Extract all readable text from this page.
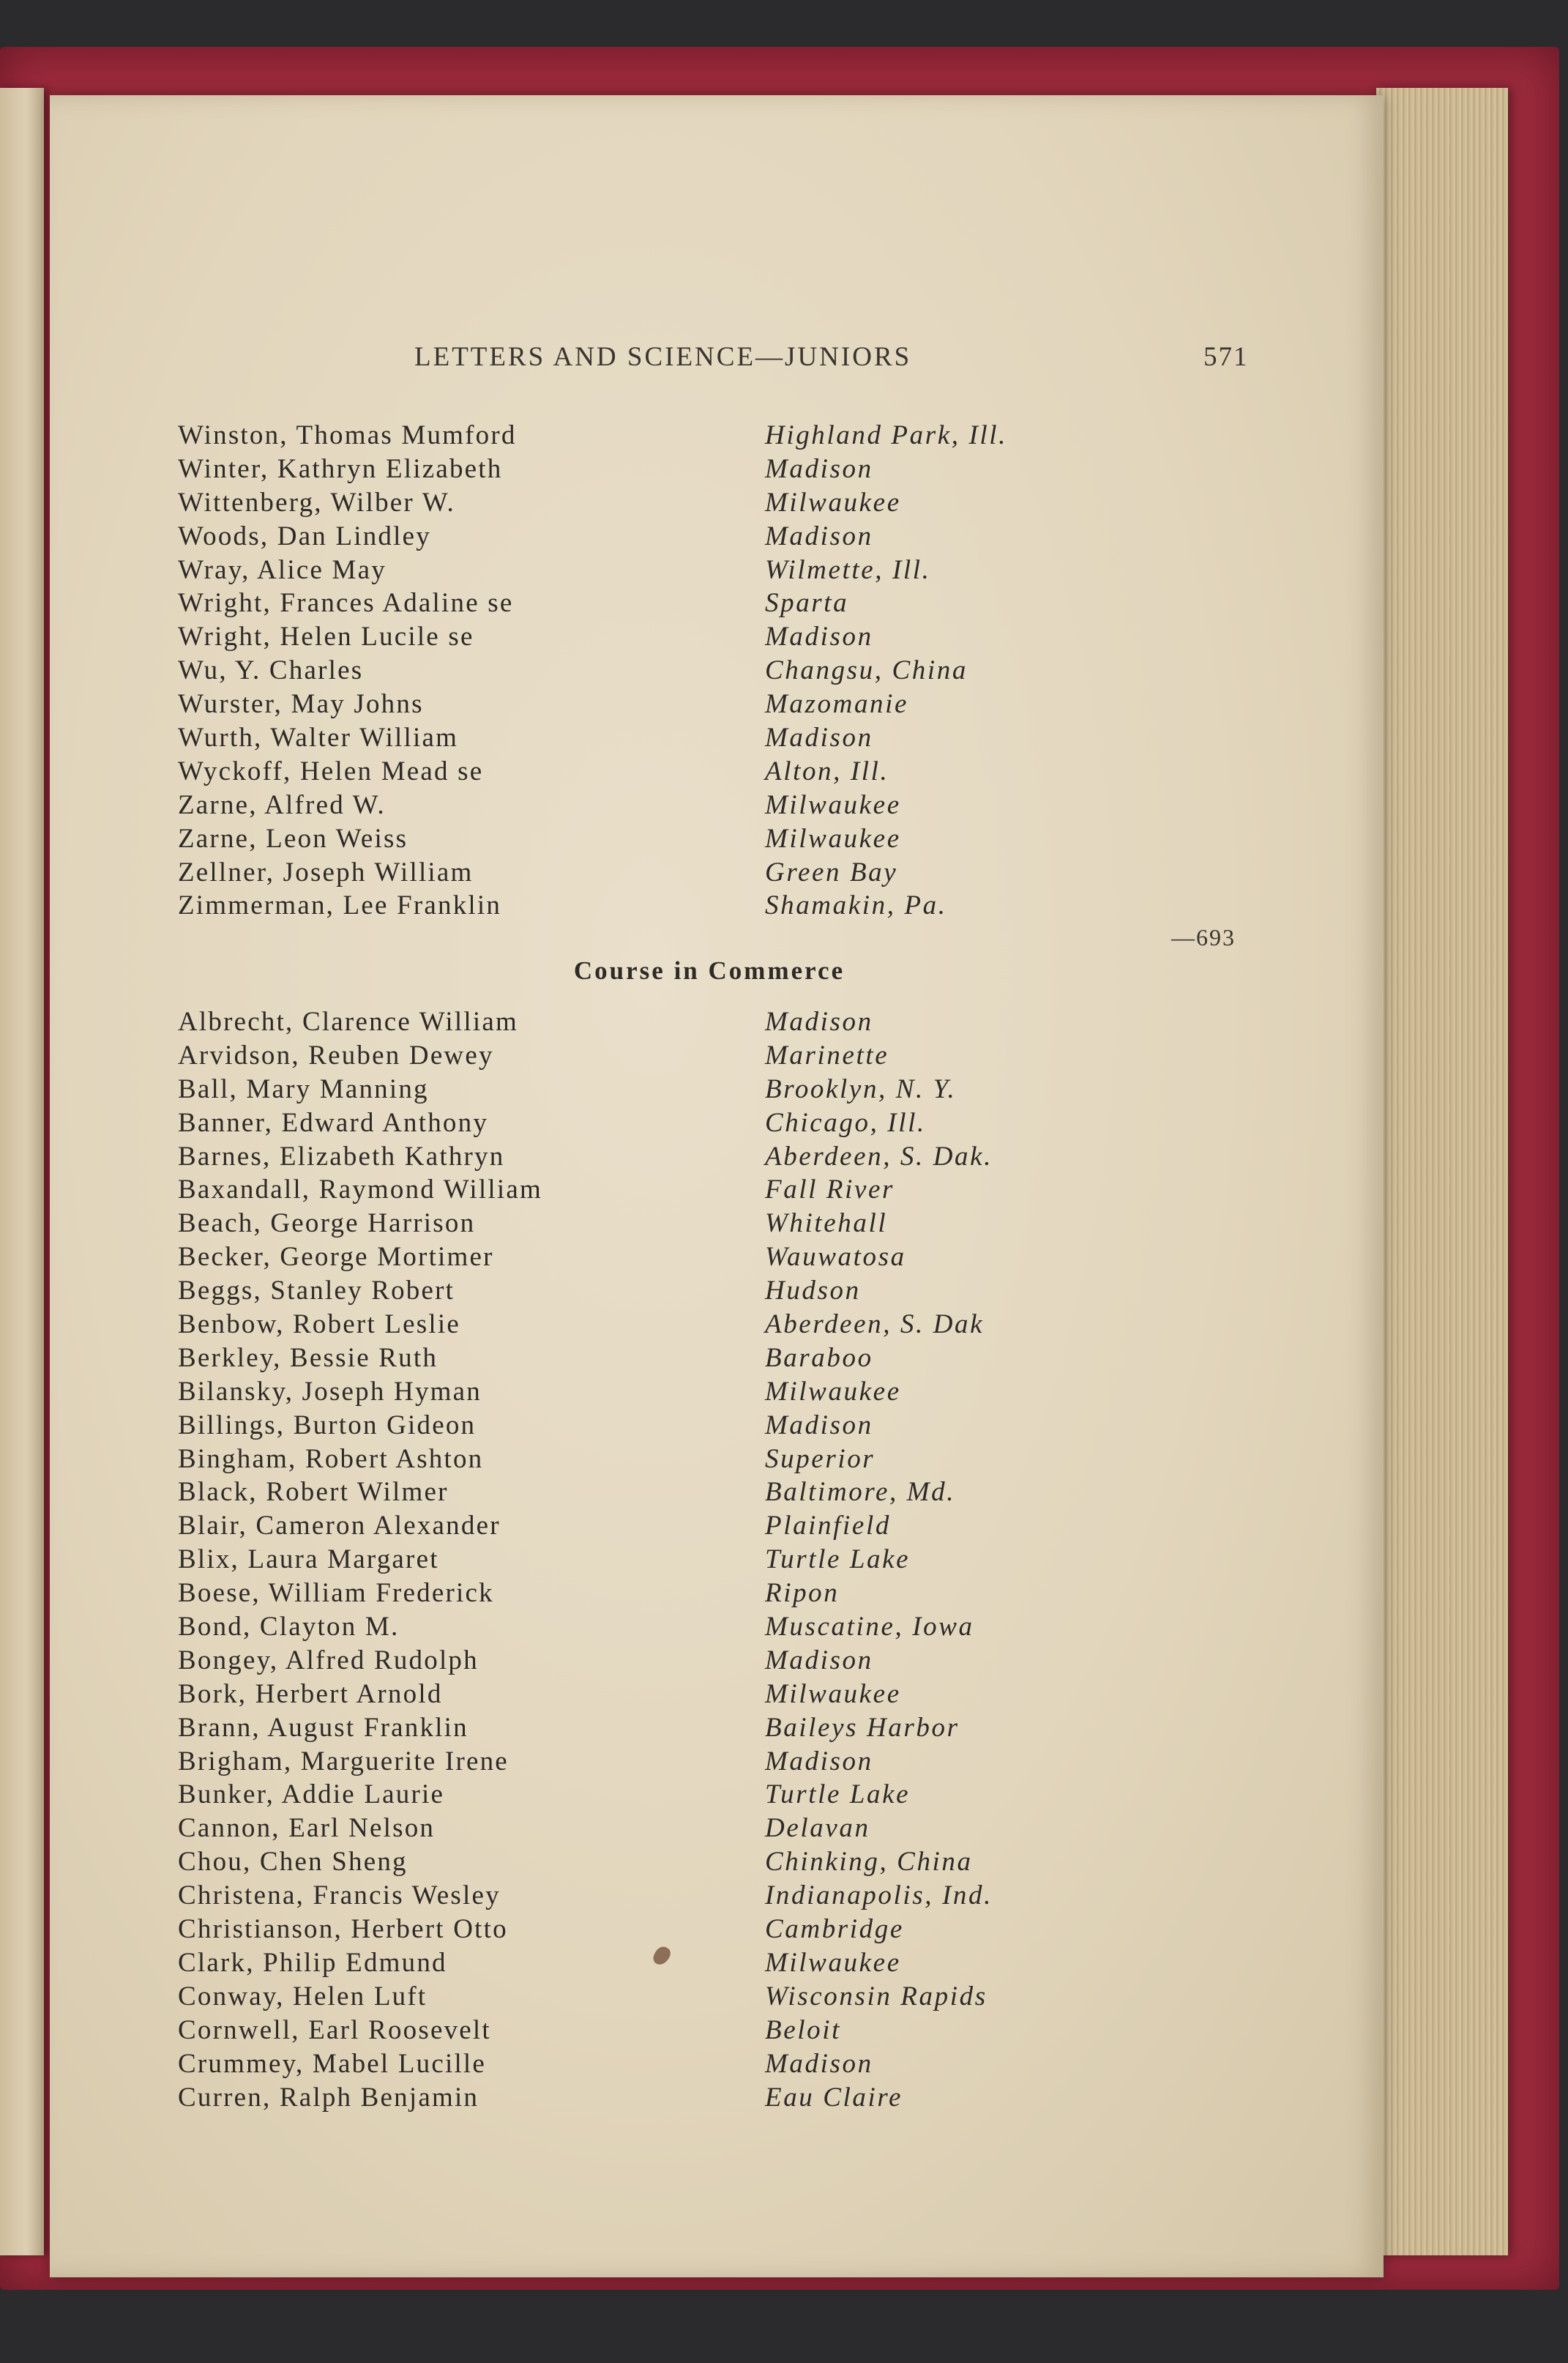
LETTERS AND SCIENCE—JUNIORS	571
Winston, Thomas Mumford	Highland Park, Ill.
Winter, Kathryn Elizabeth	Madison
Wittenberg, Wilber W.	Milwaukee
Woods, Dan Lindley	Madison
Wray, Alice May	Wilmette, Ill.
Wright, Frances Adaline se	Sparta
Wright, Helen Lucile se	Madison
Wu, Y. Charles	Changsu, China
Wurster, May Johns	Mazomanie
Wurth, Walter William	Madison
Wyckoff, Helen Mead se	Alton, Ill.
Zarne, Alfred W.	Milwaukee
Zarne, Leon Weiss	Milwaukee
Zellner, Joseph William	Green Bay
Zimmerman, Lee Franklin	Shamakin, Pa.
—693
Course in Commerce
Albrecht, Clarence William	Madison
Arvidson, Reuben Dewey	Marinette
Ball, Mary Manning	Brooklyn, N. Y.
Banner, Edward Anthony	Chicago, Ill.
Barnes, Elizabeth Kathryn	Aberdeen, S. Dak.
Baxandall, Raymond William	Fall River
Beach, George Harrison	Whitehall
Becker, George Mortimer	Wauwatosa
Beggs, Stanley Robert	Hudson
Benbow, Robert Leslie	Aberdeen, S. Dak
Berkley, Bessie Ruth	Baraboo
Bilansky, Joseph Hyman	Milwaukee
Billings, Burton Gideon	Madison
Bingham, Robert Ashton	Superior
Black, Robert Wilmer	Baltimore, Md.
Blair, Cameron Alexander	Plainfield
Blix, Laura Margaret	Turtle Lake
Boese, William Frederick	Ripon
Bond, Clayton M.	Muscatine, Iowa
Bongey, Alfred Rudolph	Madison
Bork, Herbert Arnold	Milwaukee
Brann, August Franklin	Baileys Harbor
Brigham, Marguerite Irene	Madison
Bunker, Addie Laurie	Turtle Lake
Cannon, Earl Nelson	Delavan
Chou, Chen Sheng	Chinking, China
Christena, Francis Wesley	Indianapolis, Ind.
Christianson, Herbert Otto	Cambridge
Clark, Philip Edmund	Milwaukee
Conway, Helen Luft	Wisconsin Rapids
Cornwell, Earl Roosevelt	Beloit
Crummey, Mabel Lucille	Madison
Curren, Ralph Benjamin	Eau Claire
